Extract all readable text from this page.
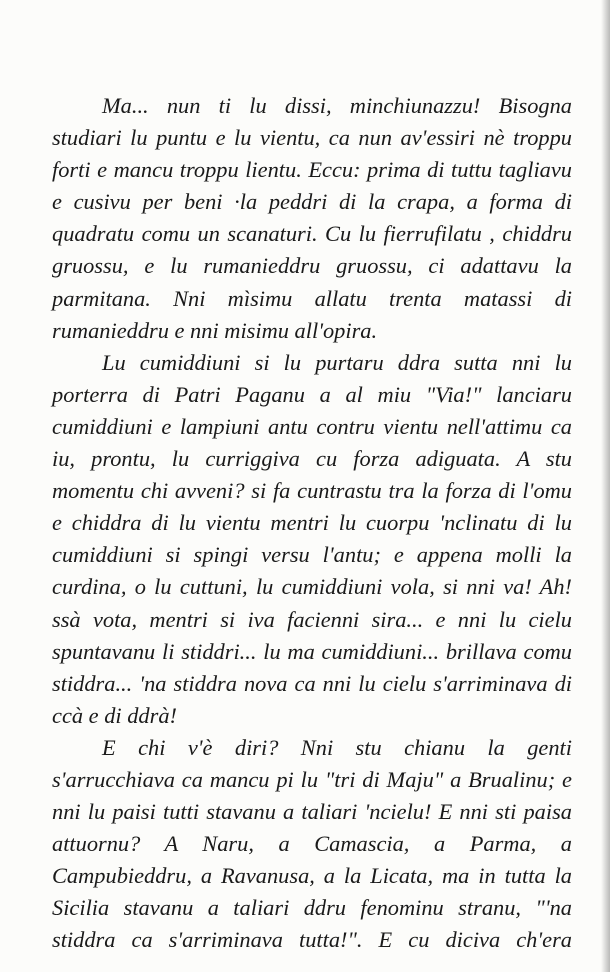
Ma... nun ti lu dissi, minchiunazzu! Bisogna
studiari lu puntu e lu vientu, ca nun av'essiri nè troppu
forti e mancu troppu lientu. Eccu: prima di tuttu tagliavu
e cusivu per beni ·la peddri di la crapa, a forma di
quadratu comu un scanaturi. Cu lu fierrufilatu , chiddru
gruossu, e lu rumanieddru gruossu, ci adattavu la
parmitana. Nni mìsimu allatu trenta matassi di
rumanieddru e nni misimu all'opira.
Lu cumiddiuni si lu purtaru ddra sutta nni lu
porterra di Patri Paganu a al miu "Via!" lanciaru
cumiddiuni e lampiuni antu contru vientu nell'attimu ca
iu, prontu, lu curriggiva cu forza adiguata. A stu
momentu chi avveni? si fa cuntrastu tra la forza di l'omu
e chiddra di lu vientu mentri lu cuorpu 'nclinatu di lu
cumiddiuni si spingi versu l'antu; e appena molli la
curdina, o lu cuttuni, lu cumiddiuni vola, si nni va! Ah!
ssà vota, mentri si iva facienni sira... e nni lu cielu
spuntavanu li stiddri... lu ma cumiddiuni... brillava comu
stiddra... 'na stiddra nova ca nni lu cielu s'arriminava di
ccà e di ddrà!
E chi v'è diri? Nni stu chianu la genti
s'arrucchiava ca mancu pi lu "tri di Maju" a Brualinu; e
nni lu paisi tutti stavanu a taliari 'ncielu! E nni sti paisa
attuornu? A Naru, a Camascia, a Parma, a
Campubieddru, a Ravanusa, a la Licata, ma in tutta la
Sicilia stavanu a taliari ddru fenominu stranu, "'na
stiddra ca s'arriminava tutta!". E cu diciva ch'era
